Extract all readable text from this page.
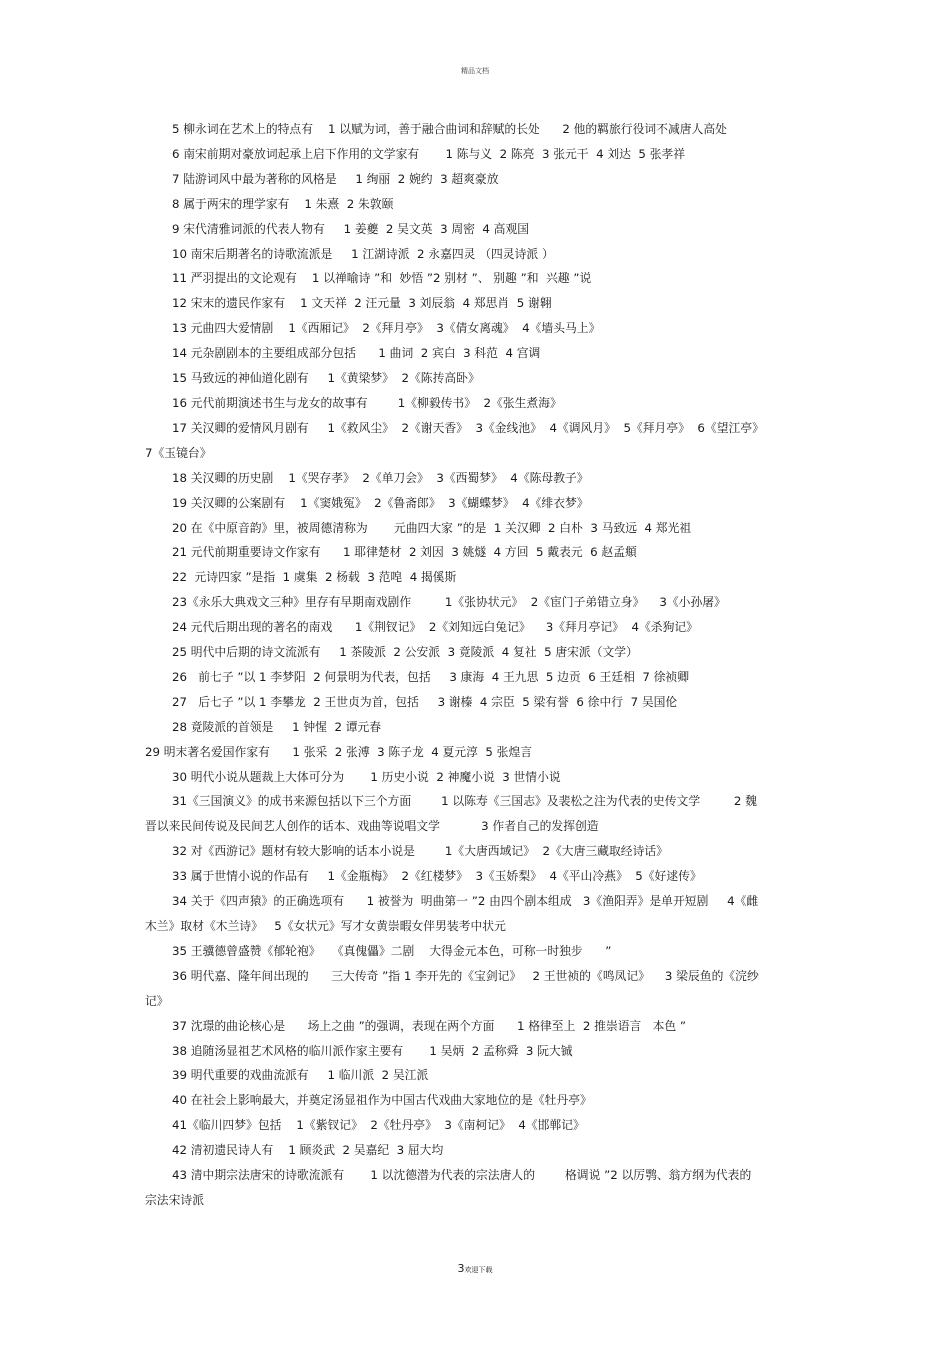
精品文档
5 柳永词在艺术上的特点有    1 以赋为词，善于融合曲词和辞赋的长处      2 他的羁旅行役词不减唐人高处
6 南宋前期对豪放词起承上启下作用的文学家有       1 陈与义  2 陈亮  3 张元干  4 刘达  5 张孝祥
7 陆游词风中最为著称的风格是     1 绚丽  2 婉约  3 超爽豪放
8 属于两宋的理学家有    1 朱熹  2 朱敦颐
9 宋代清雅词派的代表人物有     1 姜夔  2 吴文英  3 周密  4 高观国
10 南宋后期著名的诗歌流派是     1 江湖诗派  2 永嘉四灵 （四灵诗派 ）
11 严羽提出的文论观有    1 以禅喻诗 ”和  妙悟 ”2 别材 ”、 别趣 ”和  兴趣 ”说
12 宋末的遗民作家有    1 文天祥  2 汪元量  3 刘辰翁  4 郑思肖  5 谢翱
13 元曲四大爱情剧    1《西厢记》  2《拜月亭》  3《倩女离魂》  4《墙头马上》
14 元杂剧剧本的主要组成部分包括      1 曲词  2 宾白  3 科范  4 宫调
15 马致远的神仙道化剧有     1《黄梁梦》  2《陈抟高卧》
16 元代前期演述书生与龙女的故事有        1《柳毅传书》  2《张生煮海》
17 关汉卿的爱情风月剧有     1《救风尘》  2《谢天香》  3《金线池》  4《调风月》  5《拜月亭》  6《望江亭》
7《玉镜台》
18 关汉卿的历史剧    1《哭存孝》  2《单刀会》  3《西蜀梦》  4《陈母教子》
19 关汉卿的公案剧有    1《窦娥冤》  2《鲁斋郎》  3《蝴蝶梦》  4《绯衣梦》
20 在《中原音韵》里，被周德清称为       元曲四大家 ”的是  1 关汉卿  2 白朴  3 马致远  4 郑光祖
21 元代前期重要诗文作家有      1 耶律楚材  2 刘因  3 姚燧  4 方回  5 戴表元  6 赵孟頫
22  元诗四家 ”是指  1 虞集  2 杨载  3 范唣  4 揭傒斯
23《永乐大典戏文三种》里存有早期南戏剧作         1《张协状元》  2《宦门子弟错立身》    3《小孙屠》
24 元代后期出现的著名的南戏      1《荆钗记》  2《刘知远白兔记》    3《拜月亭记》  4《杀狗记》
25 明代中后期的诗文流派有     1 茶陵派  2 公安派  3 竟陵派  4 复社  5 唐宋派（文学）
26   前七子 ”以 1 李梦阳  2 何景明为代表，包括     3 康海  4 王九思  5 边贡  6 王廷相  7 徐祯卿
27   后七子 ”以 1 李攀龙  2 王世贞为首，包括     3 谢榛  4 宗臣  5 梁有誉  6 徐中行  7 吴国伦
28 竟陵派的首领是     1 钟惺  2 谭元春
29 明末著名爱国作家有      1 张采  2 张溥  3 陈子龙  4 夏元淳  5 张煌言
30 明代小说从题裁上大体可分为       1 历史小说  2 神魔小说  3 世情小说
31《三国演义》的成书来源包括以下三个方面        1 以陈寿《三国志》及裴松之注为代表的史传文学         2 魏
晋以来民间传说及民间艺人创作的话本、戏曲等说唱文学           3 作者自己的发挥创造
32 对《西游记》题材有较大影响的话本小说是        1《大唐西域记》  2《大唐三藏取经诗话》
33 属于世情小说的作品有     1《金瓶梅》  2《红楼梦》  3《玉娇梨》  4《平山冷燕》  5《好逑传》
34 关于《四声猿》的正确选项有      1 被誉为  明曲第一 ”2 由四个剧本组成   3《渔阳弄》是单开短剧     4《雌
木兰》取材《木兰诗》   5《女状元》写才女黄崇暇女伴男装考中状元
35 王骥德曾盛赞《郁轮袍》   《真傀儡》二剧    大得金元本色，可称一时独步      ”
36 明代嘉、隆年间出现的      三大传奇 ”指 1 李开先的《宝剑记》   2 王世祯的《鸣凤记》    3 梁辰鱼的《浣纱
记》
37 沈璟的曲论核心是      场上之曲 ”的强调，表现在两个方面      1 格律至上  2 推崇语言   本色 ”
38 追随汤显祖艺术风格的临川派作家主要有       1 吴炳  2 孟称舜  3 阮大铖
39 明代重要的戏曲流派有     1 临川派  2 吴江派
40 在社会上影响最大，并奠定汤显祖作为中国古代戏曲大家地位的是《牡丹亭》
41《临川四梦》包括    1《紫钗记》  2《牡丹亭》  3《南柯记》  4《邯郸记》
42 清初遗民诗人有    1 顾炎武  2 吴嘉纪  3 屈大均
43 清中期宗法唐宋的诗歌流派有       1 以沈德潜为代表的宗法唐人的        格调说 ”2 以厉鹗、翁方纲为代表的
宗法宋诗派
3欢迎下载
